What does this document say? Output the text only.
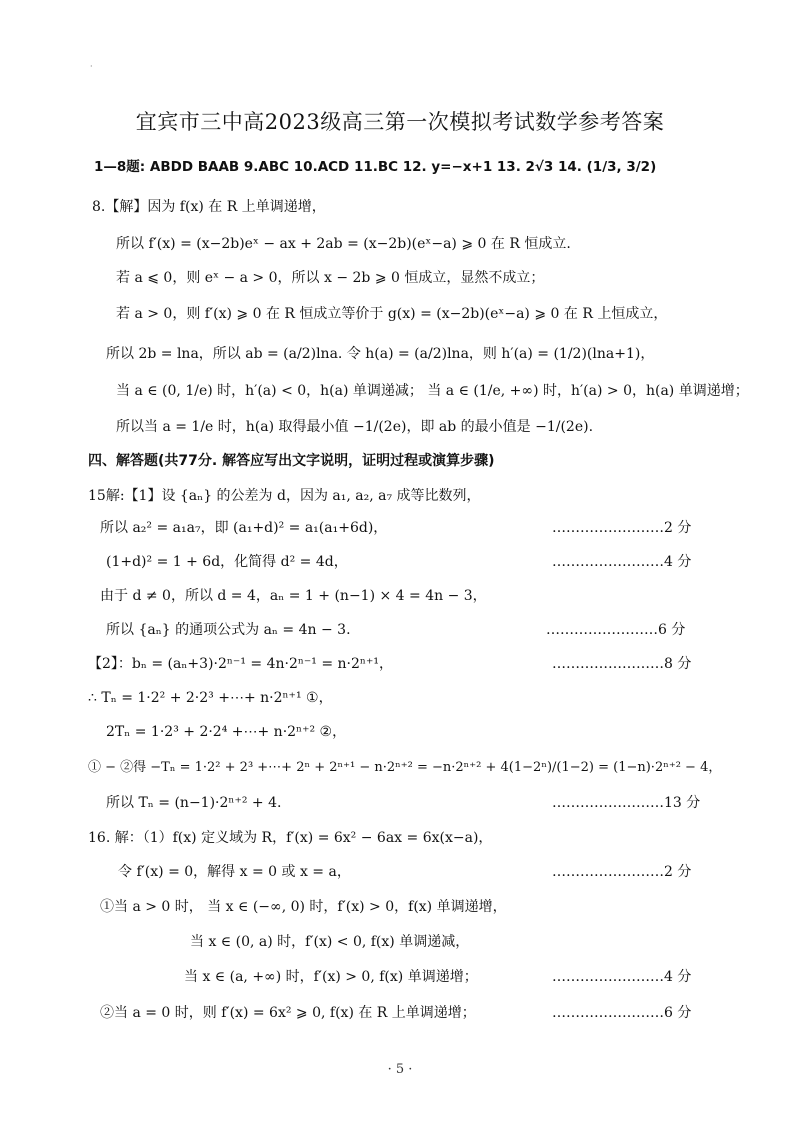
·
宜宾市三中高2023级高三第一次模拟考试数学参考答案
1—8题: ABDD BAAB 9.ABC 10.ACD 11.BC 12. y=−x+1 13. 2√3 14. (1/3, 3/2)
8.【解】因为 f(x) 在 R 上单调递增，
所以 f′(x) = (x−2b)eˣ − ax + 2ab = (x−2b)(eˣ−a) ⩾ 0 在 R 恒成立.
若 a ⩽ 0，则 eˣ − a > 0，所以 x − 2b ⩾ 0 恒成立，显然不成立；
若 a > 0，则 f′(x) ⩾ 0 在 R 恒成立等价于 g(x) = (x−2b)(eˣ−a) ⩾ 0 在 R 上恒成立，
所以 2b = lna，所以 ab = (a/2)lna. 令 h(a) = (a/2)lna，则 h′(a) = (1/2)(lna+1)，
当 a ∈ (0, 1/e) 时，h′(a) < 0，h(a) 单调递减； 当 a ∈ (1/e, +∞) 时，h′(a) > 0，h(a) 单调递增；
所以当 a = 1/e 时，h(a) 取得最小值 −1/(2e)，即 ab 的最小值是 −1/(2e).
四、解答题(共77分. 解答应写出文字说明，证明过程或演算步骤)
15解:【1】设 {aₙ} 的公差为 d，因为 a₁, a₂, a₇ 成等比数列，
所以 a₂² = a₁a₇，即 (a₁+d)² = a₁(a₁+6d)，	……………………2 分
(1+d)² = 1 + 6d，化简得 d² = 4d，	……………………4 分
由于 d ≠ 0，所以 d = 4，aₙ = 1 + (n−1) × 4 = 4n − 3，
所以 {aₙ} 的通项公式为 aₙ = 4n − 3.	……………………6 分
【2】：bₙ = (aₙ+3)·2ⁿ⁻¹ = 4n·2ⁿ⁻¹ = n·2ⁿ⁺¹，	……………………8 分
∴ Tₙ = 1·2² + 2·2³ +⋯+ n·2ⁿ⁺¹ ①，
2Tₙ = 1·2³ + 2·2⁴ +⋯+ n·2ⁿ⁺² ②，
① − ②得 −Tₙ = 1·2² + 2³ +⋯+ 2ⁿ + 2ⁿ⁺¹ − n·2ⁿ⁺² = −n·2ⁿ⁺² + 4(1−2ⁿ)/(1−2) = (1−n)·2ⁿ⁺² − 4，
所以 Tₙ = (n−1)·2ⁿ⁺² + 4.	……………………13 分
16. 解：（1）f(x) 定义域为 R，f′(x) = 6x² − 6ax = 6x(x−a)，
令 f′(x) = 0，解得 x = 0 或 x = a，	……………………2 分
①当 a > 0 时， 当 x ∈ (−∞, 0) 时，f′(x) > 0，f(x) 单调递增，
当 x ∈ (0, a) 时，f′(x) < 0, f(x) 单调递减，
当 x ∈ (a, +∞) 时，f′(x) > 0, f(x) 单调递增；	……………………4 分
②当 a = 0 时，则 f′(x) = 6x² ⩾ 0, f(x) 在 R 上单调递增；	……………………6 分
· 5 ·
